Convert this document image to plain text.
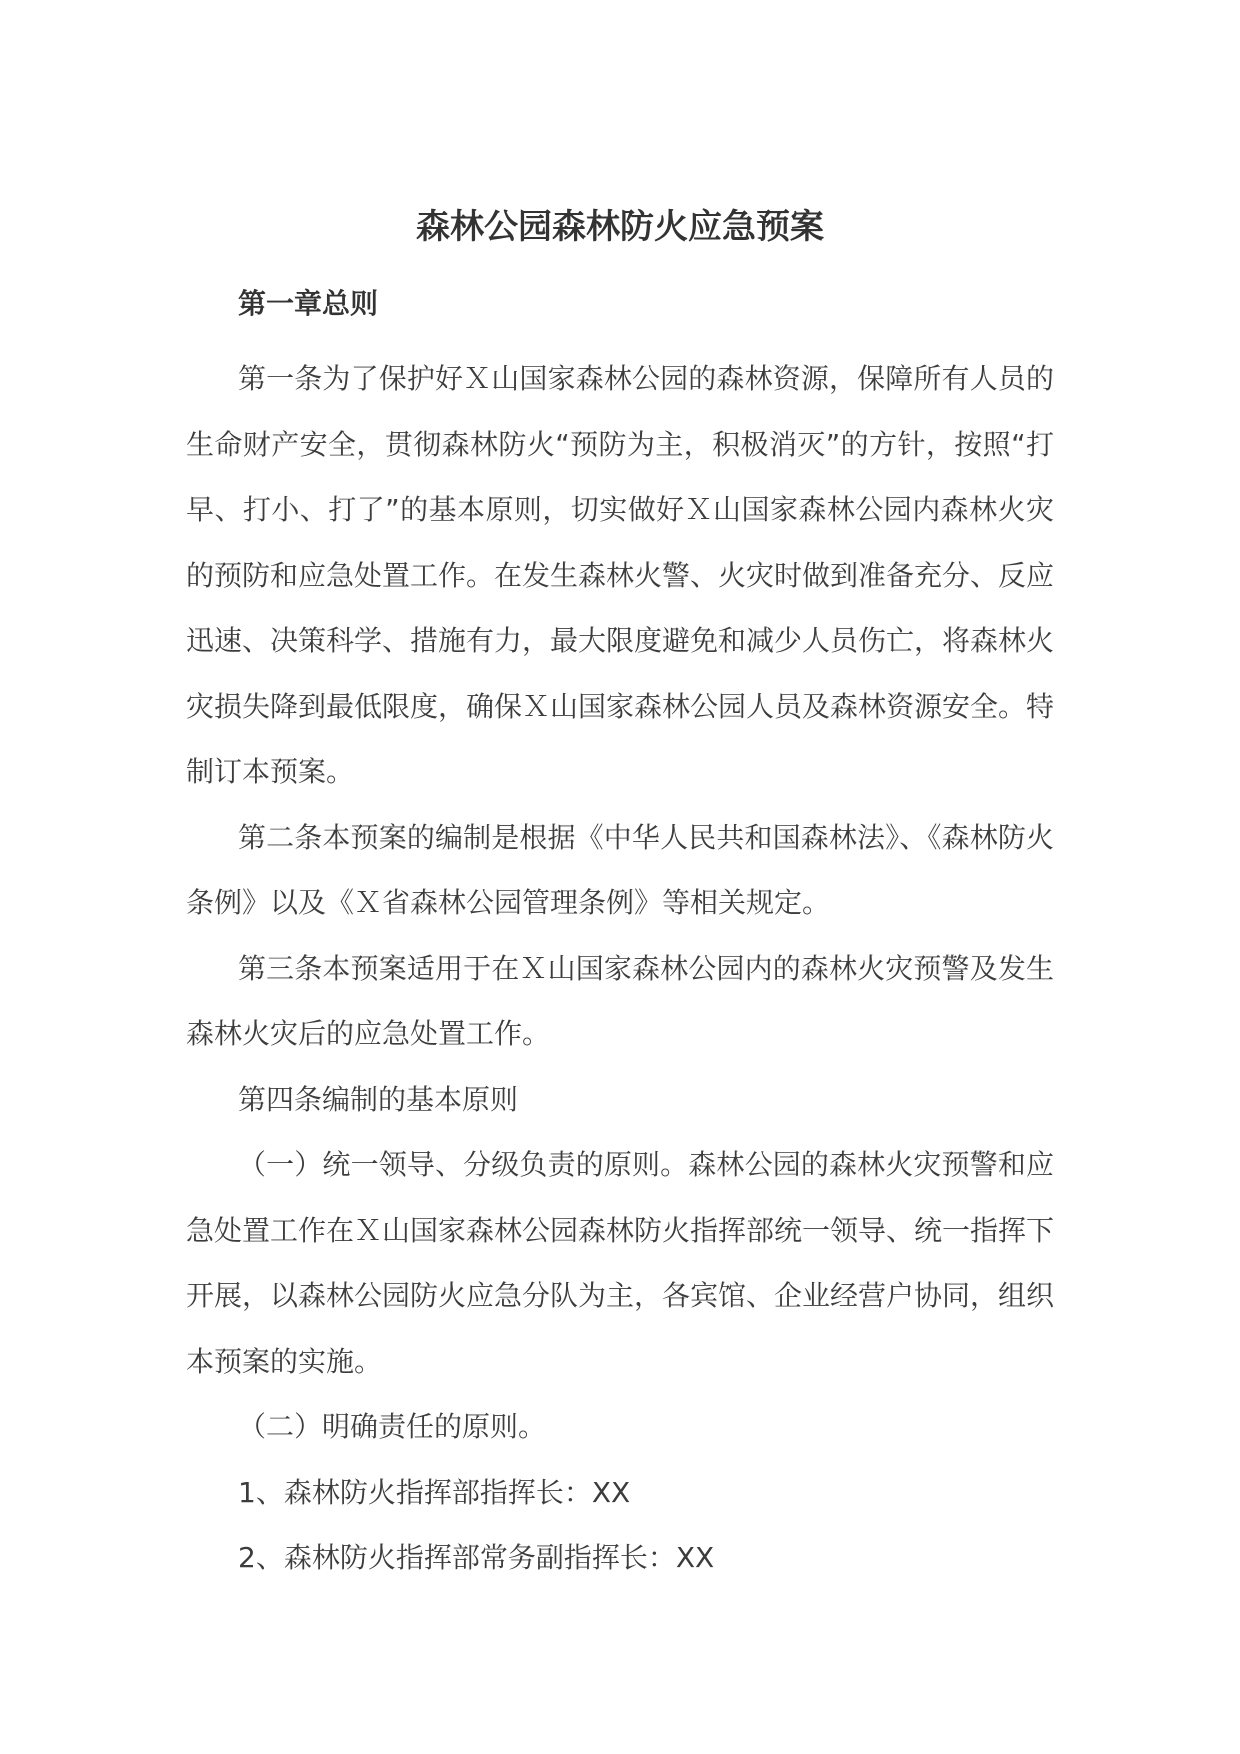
森林公园森林防火应急预案

第一章总则

第一条为了保护好Ｘ山国家森林公园的森林资源，保障所有人员的生命财产安全，贯彻森林防火“预防为主，积极消灭”的方针，按照“打早、打小、打了”的基本原则，切实做好Ｘ山国家森林公园内森林火灾的预防和应急处置工作。在发生森林火警、火灾时做到准备充分、反应迅速、决策科学、措施有力，最大限度避免和减少人员伤亡，将森林火灾损失降到最低限度，确保Ｘ山国家森林公园人员及森林资源安全。特制订本预案。

第二条本预案的编制是根据《中华人民共和国森林法》、《森林防火条例》以及《Ｘ省森林公园管理条例》等相关规定。

第三条本预案适用于在Ｘ山国家森林公园内的森林火灾预警及发生森林火灾后的应急处置工作。

第四条编制的基本原则

（一）统一领导、分级负责的原则。森林公园的森林火灾预警和应急处置工作在Ｘ山国家森林公园森林防火指挥部统一领导、统一指挥下开展，以森林公园防火应急分队为主，各宾馆、企业经营户协同，组织本预案的实施。

（二）明确责任的原则。

1、森林防火指挥部指挥长：XX

2、森林防火指挥部常务副指挥长：XX
